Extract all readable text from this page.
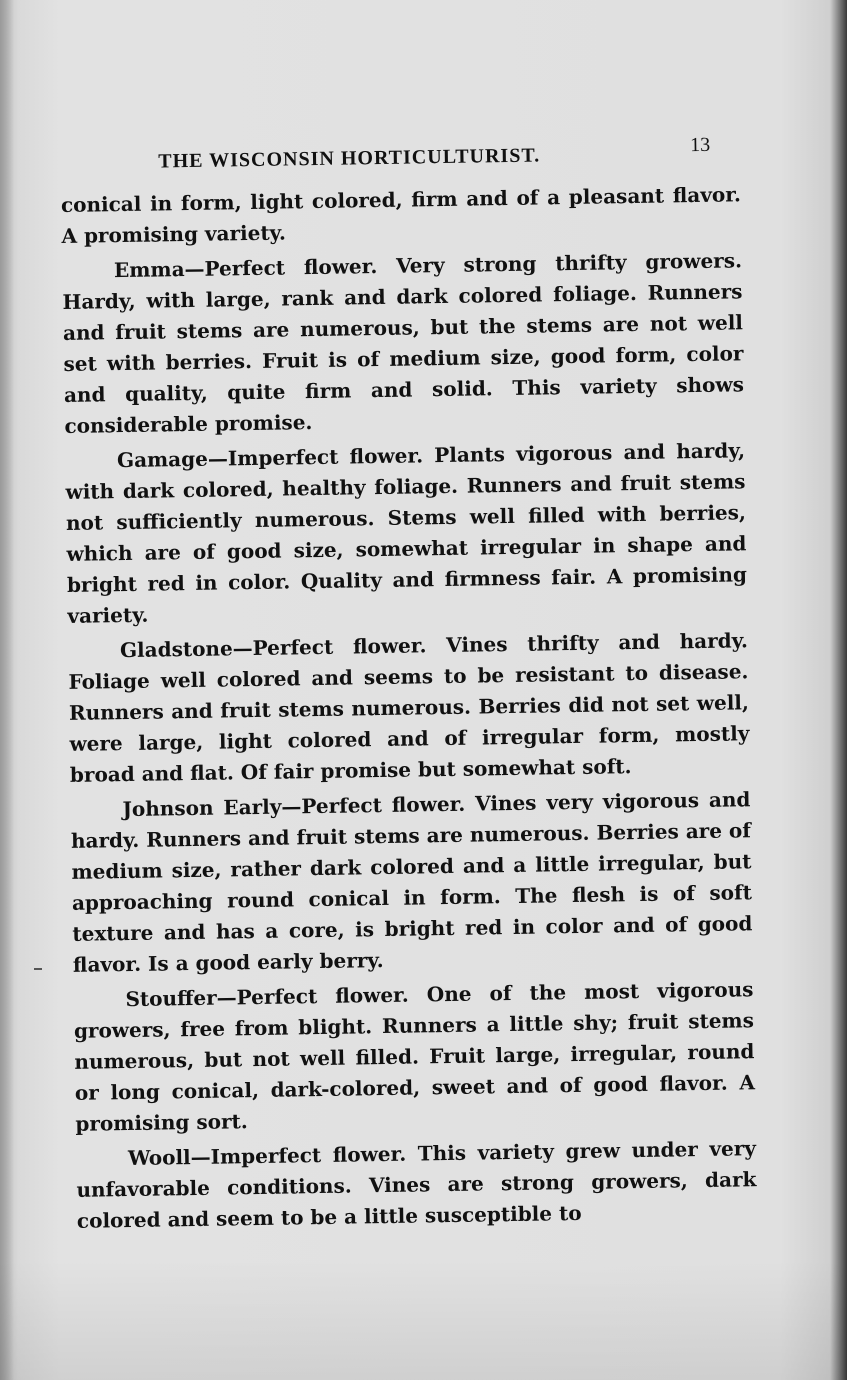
THE WISCONSIN HORTICULTURIST.	13

conical in form, light colored, firm and of a pleasant flavor. A promising variety.

Emma—Perfect flower. Very strong thrifty growers. Hardy, with large, rank and dark colored foliage. Runners and fruit stems are numerous, but the stems are not well set with berries. Fruit is of medium size, good form, color and quality, quite firm and solid. This variety shows considerable promise.

Gamage—Imperfect flower. Plants vigorous and hardy, with dark colored, healthy foliage. Runners and fruit stems not sufficiently numerous. Stems well filled with berries, which are of good size, somewhat irregular in shape and bright red in color. Quality and firmness fair. A promising variety.

Gladstone—Perfect flower. Vines thrifty and hardy. Foliage well colored and seems to be resistant to disease. Runners and fruit stems numerous. Berries did not set well, were large, light colored and of irregular form, mostly broad and flat. Of fair promise but somewhat soft.

Johnson Early—Perfect flower. Vines very vigorous and hardy. Runners and fruit stems are numerous. Berries are of medium size, rather dark colored and a little irregular, but approaching round conical in form. The flesh is of soft texture and has a core, is bright red in color and of good flavor. Is a good early berry.

Stouffer—Perfect flower. One of the most vigorous growers, free from blight. Runners a little shy; fruit stems numerous, but not well filled. Fruit large, irregular, round or long conical, dark-colored, sweet and of good flavor. A promising sort.

Wooll—Imperfect flower. This variety grew under very unfavorable conditions. Vines are strong growers, dark colored and seem to be a little susceptible to
